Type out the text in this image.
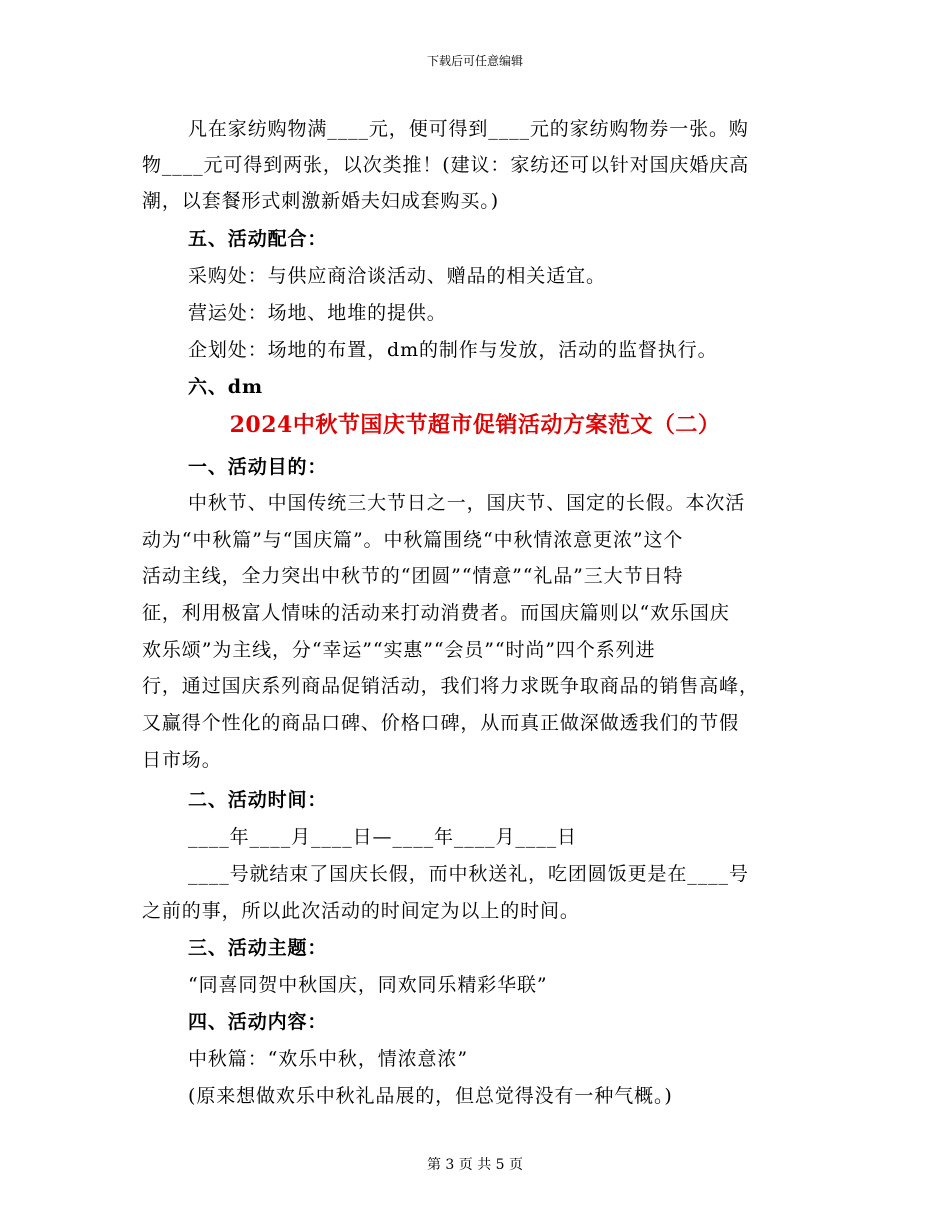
下载后可任意编辑
凡在家纺购物满____元，便可得到____元的家纺购物券一张。购
物____元可得到两张，以次类推！(建议：家纺还可以针对国庆婚庆高
潮，以套餐形式刺激新婚夫妇成套购买。)
五、活动配合：
采购处：与供应商洽谈活动、赠品的相关适宜。
营运处：场地、地堆的提供。
企划处：场地的布置，dm的制作与发放，活动的监督执行。
六、dm
2024中秋节国庆节超市促销活动方案范文（二）
一、活动目的：
中秋节、中国传统三大节日之一，国庆节、国定的长假。本次活
动为“中秋篇”与“国庆篇”。中秋篇围绕“中秋情浓意更浓”这个
活动主线，全力突出中秋节的“团圆”“情意”“礼品”三大节日特
征，利用极富人情味的活动来打动消费者。而国庆篇则以“欢乐国庆
欢乐颂”为主线，分“幸运”“实惠”“会员”“时尚”四个系列进
行，通过国庆系列商品促销活动，我们将力求既争取商品的销售高峰，
又赢得个性化的商品口碑、价格口碑，从而真正做深做透我们的节假
日市场。
二、活动时间：
____年____月____日—____年____月____日
____号就结束了国庆长假，而中秋送礼，吃团圆饭更是在____号
之前的事，所以此次活动的时间定为以上的时间。
三、活动主题：
“同喜同贺中秋国庆，同欢同乐精彩华联”
四、活动内容：
中秋篇：“欢乐中秋，情浓意浓”
(原来想做欢乐中秋礼品展的，但总觉得没有一种气概。)
第 3 页 共 5 页
